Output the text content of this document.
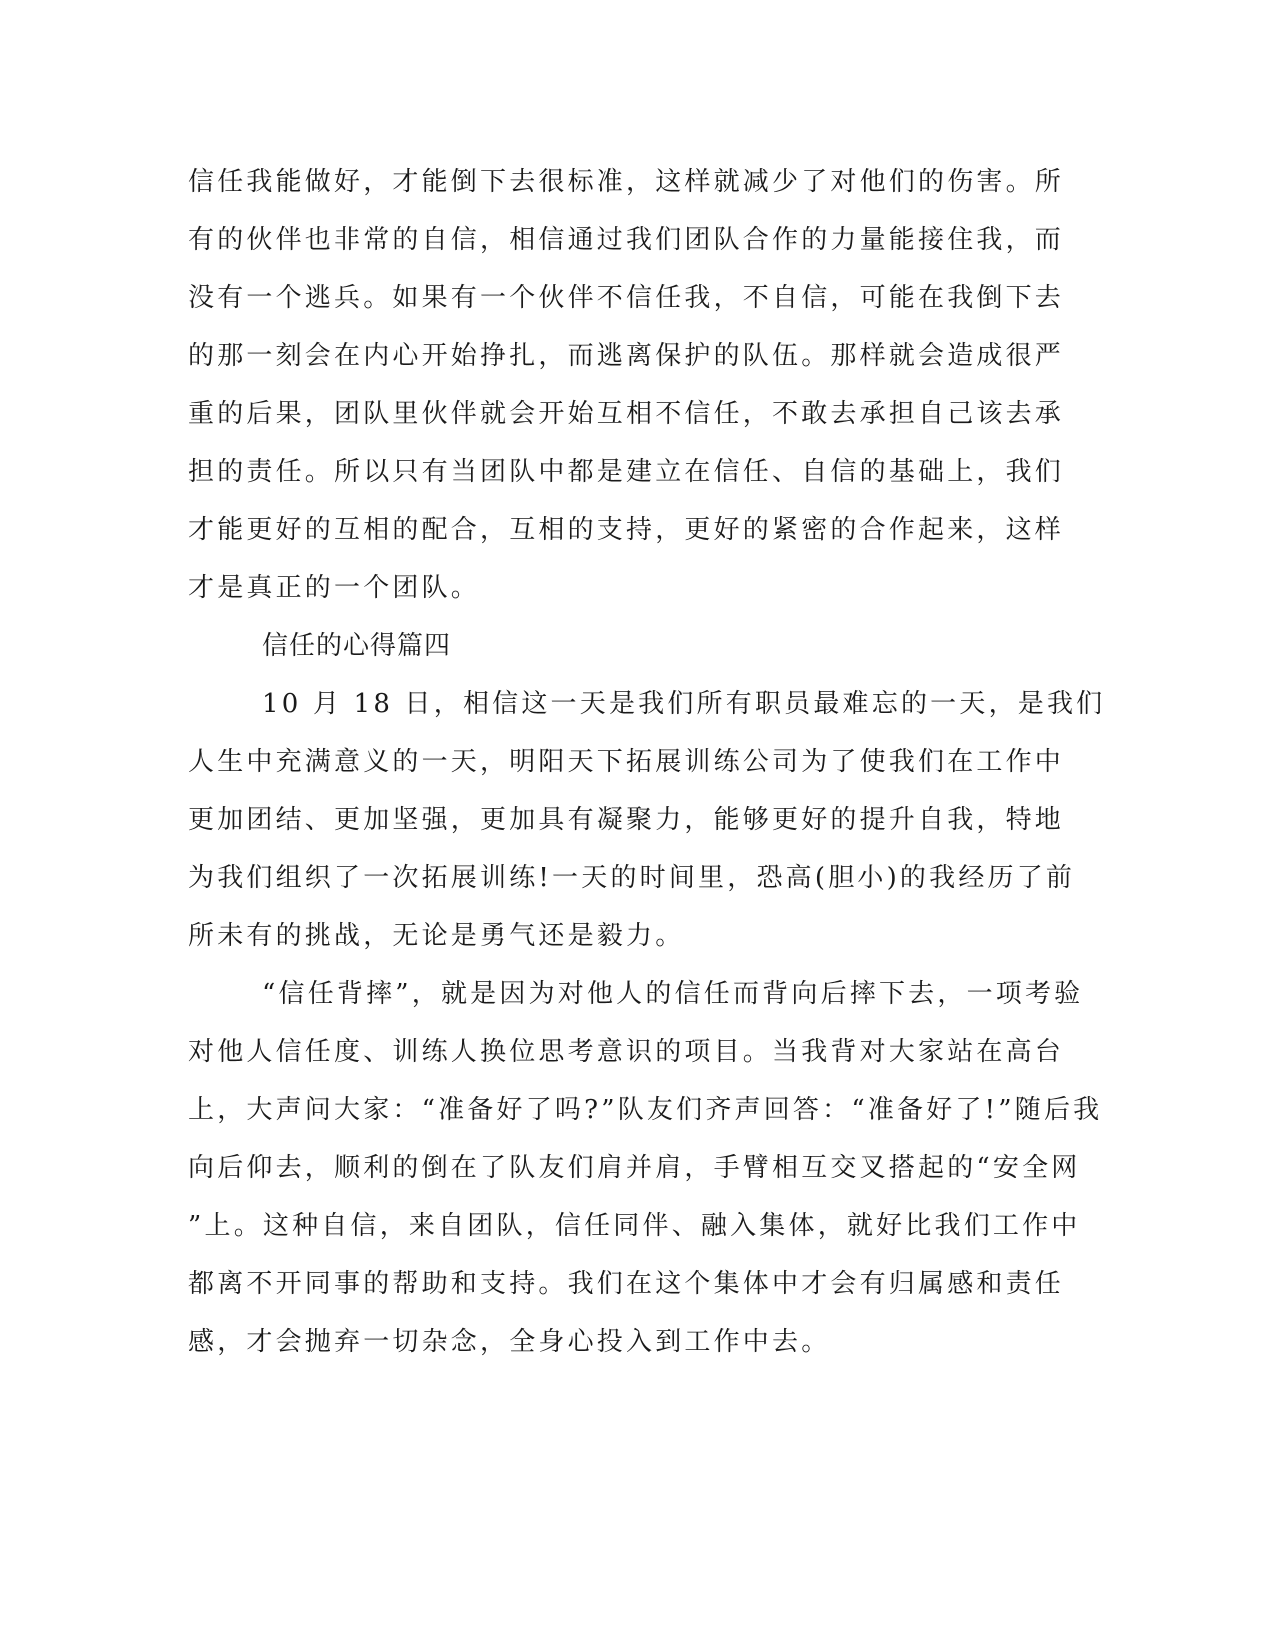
信任我能做好，才能倒下去很标准，这样就减少了对他们的伤害。所
有的伙伴也非常的自信，相信通过我们团队合作的力量能接住我，而
没有一个逃兵。如果有一个伙伴不信任我，不自信，可能在我倒下去
的那一刻会在内心开始挣扎，而逃离保护的队伍。那样就会造成很严
重的后果，团队里伙伴就会开始互相不信任，不敢去承担自己该去承
担的责任。所以只有当团队中都是建立在信任、自信的基础上，我们
才能更好的互相的配合，互相的支持，更好的紧密的合作起来，这样
才是真正的一个团队。
信任的心得篇四
10 月 18 日，相信这一天是我们所有职员最难忘的一天，是我们
人生中充满意义的一天，明阳天下拓展训练公司为了使我们在工作中
更加团结、更加坚强，更加具有凝聚力，能够更好的提升自我，特地
为我们组织了一次拓展训练!一天的时间里，恐高(胆小)的我经历了前
所未有的挑战，无论是勇气还是毅力。
“信任背摔”，就是因为对他人的信任而背向后摔下去，一项考验
对他人信任度、训练人换位思考意识的项目。当我背对大家站在高台
上，大声问大家：“准备好了吗?”队友们齐声回答：“准备好了!”随后我
向后仰去，顺利的倒在了队友们肩并肩，手臂相互交叉搭起的“安全网
”上。这种自信，来自团队，信任同伴、融入集体，就好比我们工作中
都离不开同事的帮助和支持。我们在这个集体中才会有归属感和责任
感，才会抛弃一切杂念，全身心投入到工作中去。
